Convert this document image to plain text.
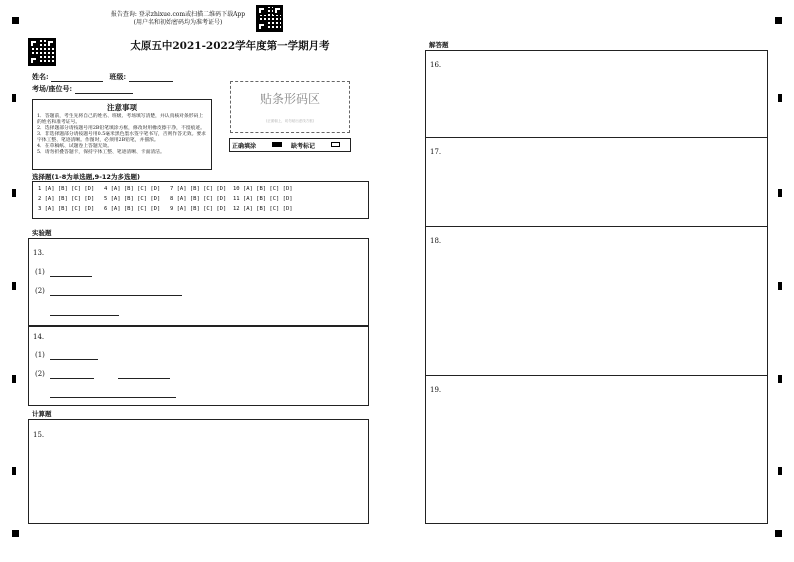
报告查询: 登录zhixue.com或扫描二维码下载App
(用户名和初始密码均为准考证号)
太原五中2021-2022学年度第一学期月考
姓名:	班级:
考场/座位号:
注意事项
1．答题前，考生先将自己的姓名、班级、考场填写清楚，并认真核对条形码上的姓名和准考证号。
2．选择题部分请按题号用2B铅笔填涂方框，修改时用橡皮擦干净，不留痕迹。
3．非选择题部分请按题号用0.5毫米黑色墨水签字笔书写，否则作答无效。要求字体工整、笔迹清晰。作图时，必须用2B铅笔，并描浓。
4．在草稿纸、试题卷上答题无效。
5．请勿折叠答题卡，保持字体工整、笔迹清晰、卡面清洁。
贴条形码区
(正面朝上，切勿贴出虚线方框)
正确填涂	缺考标记
选择题(1-8为单选题,9-12为多选题)
1 [A] [B] [C] [D] 4 [A] [B] [C] [D] 7 [A] [B] [C] [D] 10 [A] [B] [C] [D]
2 [A] [B] [C] [D] 5 [A] [B] [C] [D] 8 [A] [B] [C] [D] 11 [A] [B] [C] [D]
3 [A] [B] [C] [D] 6 [A] [B] [C] [D] 9 [A] [B] [C] [D] 12 [A] [B] [C] [D]
实验题
13.
(1)
(2)
14.
(1)
(2)
计算题
15.
解答题
16.
17.
18.
19.
